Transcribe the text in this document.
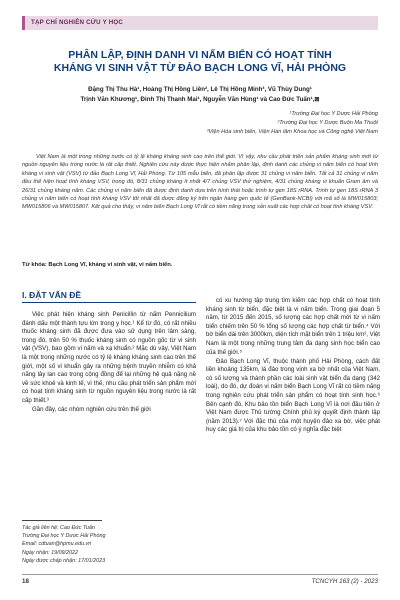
TẠP CHÍ NGHIÊN CỨU Y HỌC
PHÂN LẬP, ĐỊNH DANH VI NẤM BIỂN CÓ HOẠT TÍNH
KHÁNG VI SINH VẬT TỪ ĐẢO BẠCH LONG VĨ, HẢI PHÒNG
Đặng Thị Thu Hà¹, Hoàng Thị Hồng Liên², Lê Thị Hồng Minh³, Vũ Thùy Dung¹
Trịnh Văn Khương¹, Đinh Thị Thanh Mai¹, Nguyễn Văn Hùng¹ và Cao Đức Tuấn¹,⊠
¹Trường Đại học Y Dược Hải Phòng
²Trường Đại học Y Dược Buôn Ma Thuột
³Viện Hóa sinh biển, Viện Hàn lâm Khoa học và Công nghệ Việt Nam

Việt Nam là một trong những nước có tỷ lệ kháng kháng sinh cao trên thế giới. Vì vậy, nhu cầu phát triển sản phẩm kháng sinh mới từ nguồn nguyên liệu trong nước là rất cấp thiết. Nghiên cứu này được thực hiện nhằm phân lập, định danh các chủng vi nấm biển có hoạt tính kháng vi sinh vật (VSV) từ đảo Bạch Long Vĩ, Hải Phòng. Từ 105 mẫu biển, đã phân lập được 31 chủng vi nấm biển. Tất cả 31 chủng vi nấm đều thể hiện hoạt tính kháng VSV, trong đó, 8/31 chủng kháng ít nhất 4/7 chủng VSV thử nghiệm, 4/31 chủng kháng vi khuẩn Gram âm và 26/31 chủng kháng nấm. Các chủng vi nấm biển đã được định danh dựa trên hình thái hoặc trình tự gen 18S rRNA. Trình tự gen 18S rRNA 3 chủng vi nấm biển có hoạt tính kháng VSV tốt nhất đã được đăng ký trên ngân hàng gen quốc tế (GenBank-NCBI) với mã số là MW015803; MW015806 và MW015807. Kết quả cho thấy, vi nấm biển Bạch Long Vĩ rất có tiềm năng trong sản xuất các hợp chất có hoạt tính kháng VSV.

Từ khóa: Bạch Long Vĩ, kháng vi sinh vật, vi nấm biển.
I. ĐẶT VẤN ĐỀ

Việc phát hiện kháng sinh Penicillin từ nấm Pennicilium đánh dấu một thành tựu lớn trong y học.¹ Kể từ đó, có rất nhiều thuốc kháng sinh đã được đưa vào sử dụng trên lâm sàng, trong đó, trên 50 % thuốc kháng sinh có nguồn gốc từ vi sinh vật (VSV), bao gồm vi nấm và xạ khuẩn.² Mặc dù vậy, Việt Nam là một trong những nước có tỷ lệ kháng kháng sinh cao trên thế giới, một số vi khuẩn gây ra những bệnh truyền nhiễm có khả năng lây lan cao trong cộng đồng để lại những hệ quả nặng nề về sức khoẻ và kinh tế, vì thế, nhu cầu phát triển sản phẩm mới có hoạt tính kháng sinh từ nguồn nguyên liệu trong nước là rất cấp thiết.³

Gần đây, các nhóm nghiên cứu trên thế giới

có xu hướng tập trung tìm kiếm các hợp chất có hoạt tính kháng sinh từ biển, đặc biệt là vi nấm biển. Trong giai đoạn 5 năm, từ 2015 đến 2015, số lượng các hợp chất mới từ vi nấm biển chiếm trên 50 % tổng số lượng các hợp chất từ biển.⁴ Với bờ biển dài trên 3000km, diện tích mặt biển trên 1 triệu km², Việt Nam là một trong những trung tâm đa dạng sinh học biển cao của thế giới.⁵

Đảo Bạch Long Vĩ, thuộc thành phố Hải Phòng, cách đất liền khoảng 135km, là đảo trong vịnh xa bờ nhất của Việt Nam, có số lượng và thành phần các loài sinh vật biển đa dạng (342 loài), do đó, dự đoán vi nấm biển Bạch Long Vĩ rất có tiềm năng trong nghiên cứu phát triển sản phẩm có hoạt tính sinh học.⁶ Bên cạnh đó, Khu bảo tồn biển Bạch Long Vĩ là nơi đầu tiên ở Việt Nam được Thủ tướng Chính phủ ký quyết định thành lập (năm 2013).⁷ Với đặc thù của một huyện đảo xa bờ, việc phát huy các giá trị của khu bảo tồn có ý nghĩa đặc biệt

Tác giả liên hệ: Cao Đức Tuấn
Trường Đại học Y Dược Hải Phòng
Email: cdtuan@hpmu.edu.vn
Ngày nhận: 19/09/2022
Ngày được chấp nhận: 17/01/2023
18	TCNCYH 163 (2) - 2023
